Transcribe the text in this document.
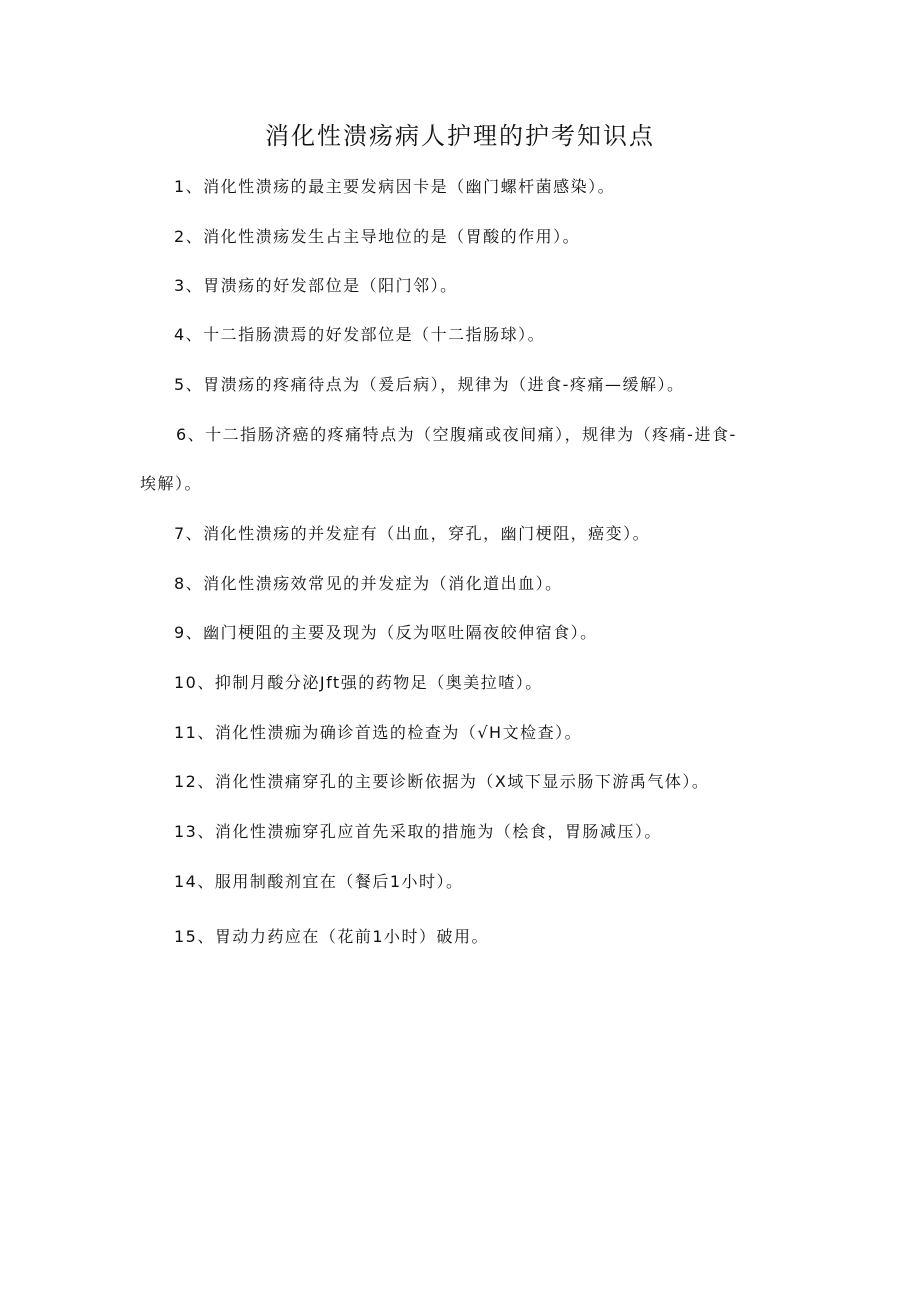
消化性溃疡病人护理的护考知识点

1、消化性溃疡的最主要发病因卡是（幽门螺杆菌感染）。

2、消化性溃疡发生占主导地位的是（胃酸的作用）。

3、胃溃疡的好发部位是（阳门邻）。

4、十二指肠溃焉的好发部位是（十二指肠球）。

5、胃溃疡的疼痛待点为（爰后病），规律为（进食-疼痛—缓解）。

6、十二指肠济癌的疼痛特点为（空腹痛或夜间痛），规律为（疼痛-进食-

埃解）。

7、消化性溃疡的并发症有（出血，穿孔，幽门梗阻，癌变）。

8、消化性溃疡效常见的并发症为（消化道出血）。

9、幽门梗阻的主要及现为（反为呕吐隔夜皎伸宿食）。

10、抑制月酸分泌Jft强的药物足（奥美拉喳）。

11、消化性溃痂为确诊首选的检查为（√H文检查）。

12、消化性溃痛穿孔的主要诊断依据为（X域下显示肠下游禹气体）。

13、消化性溃痂穿孔应首先采取的措施为（桧食，胃肠减压）。

14、服用制酸剂宜在（餐后1小时）。

15、胃动力药应在（花前1小时）破用。
